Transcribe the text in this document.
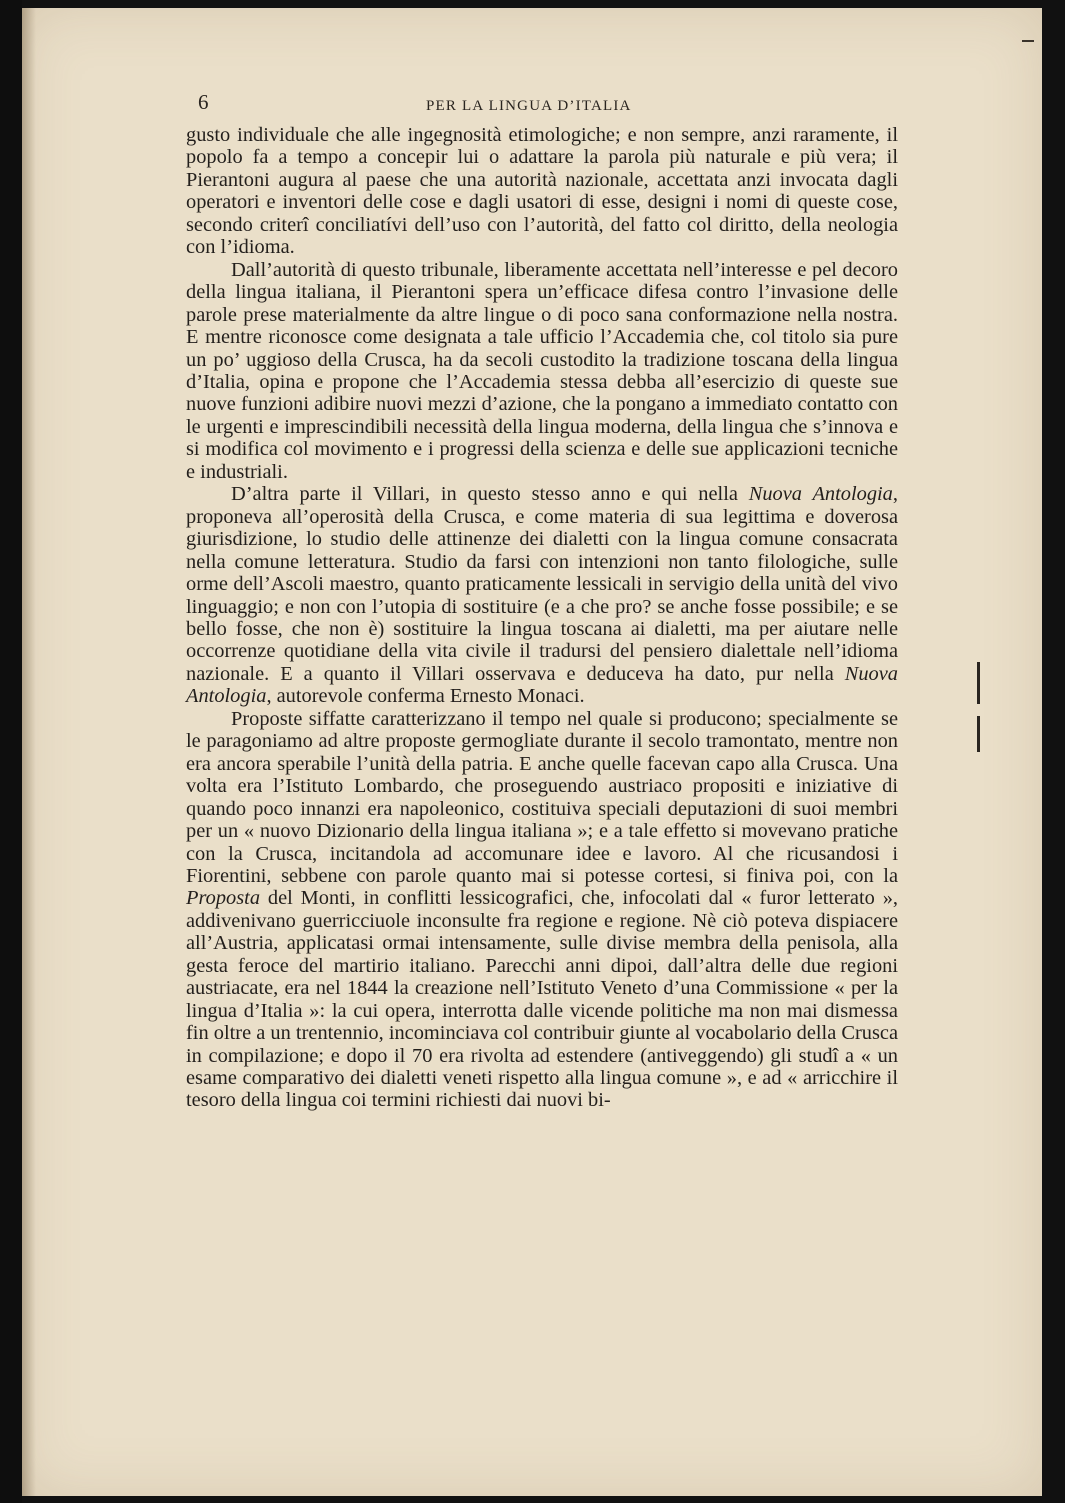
6	PER LA LINGUA D’ITALIA

gusto individuale che alle ingegnosità etimologiche; e non sempre, anzi raramente, il popolo fa a tempo a concepir lui o adattare la parola più naturale e più vera; il Pierantoni augura al paese che una autorità nazionale, accettata anzi invocata dagli operatori e inventori delle cose e dagli usatori di esse, designi i nomi di queste cose, secondo criterî conciliatívi dell’uso con l’autorità, del fatto col diritto, della neologia con l’idioma.

Dall’autorità di questo tribunale, liberamente accettata nell’interesse e pel decoro della lingua italiana, il Pierantoni spera un’efficace difesa contro l’invasione delle parole prese materialmente da altre lingue o di poco sana conformazione nella nostra. E mentre riconosce come designata a tale ufficio l’Accademia che, col titolo sia pure un po’ uggioso della Crusca, ha da secoli custodito la tradizione toscana della lingua d’Italia, opina e propone che l’Accademia stessa debba all’esercizio di queste sue nuove funzioni adibire nuovi mezzi d’azione, che la pongano a immediato contatto con le urgenti e imprescindibili necessità della lingua moderna, della lingua che s’innova e si modifica col movimento e i progressi della scienza e delle sue applicazioni tecniche e industriali.

D’altra parte il Villari, in questo stesso anno e qui nella Nuova Antologia, proponeva all’operosità della Crusca, e come materia di sua legittima e doverosa giurisdizione, lo studio delle attinenze dei dialetti con la lingua comune consacrata nella comune letteratura. Studio da farsi con intenzioni non tanto filologiche, sulle orme dell’Ascoli maestro, quanto praticamente lessicali in servigio della unità del vivo linguaggio; e non con l’utopia di sostituire (e a che pro? se anche fosse possibile; e se bello fosse, che non è) sostituire la lingua toscana ai dialetti, ma per aiutare nelle occorrenze quotidiane della vita civile il tradursi del pensiero dialettale nell’idioma nazionale. E a quanto il Villari osservava e deduceva ha dato, pur nella Nuova Antologia, autorevole conferma Ernesto Monaci.

Proposte siffatte caratterizzano il tempo nel quale si producono; specialmente se le paragoniamo ad altre proposte germogliate durante il secolo tramontato, mentre non era ancora sperabile l’unità della patria. E anche quelle facevan capo alla Crusca. Una volta era l’Istituto Lombardo, che proseguendo austriaco propositi e iniziative di quando poco innanzi era napoleonico, costituiva speciali deputazioni di suoi membri per un « nuovo Dizionario della lingua italiana »; e a tale effetto si movevano pratiche con la Crusca, incitandola ad accomunare idee e lavoro. Al che ricusandosi i Fiorentini, sebbene con parole quanto mai si potesse cortesi, si finiva poi, con la Proposta del Monti, in conflitti lessicografici, che, infocolati dal « furor letterato », addivenivano guerricciuole inconsulte fra regione e regione. Nè ciò poteva dispiacere all’Austria, applicatasi ormai intensamente, sulle divise membra della penisola, alla gesta feroce del martirio italiano. Parecchi anni dipoi, dall’altra delle due regioni austriacate, era nel 1844 la creazione nell’Istituto Veneto d’una Commissione « per la lingua d’Italia »: la cui opera, interrotta dalle vicende politiche ma non mai dismessa fin oltre a un trentennio, incominciava col contribuir giunte al vocabolario della Crusca in compilazione; e dopo il 70 era rivolta ad estendere (antiveggendo) gli studî a « un esame comparativo dei dialetti veneti rispetto alla lingua comune », e ad « arricchire il tesoro della lingua coi termini richiesti dai nuovi bi-
